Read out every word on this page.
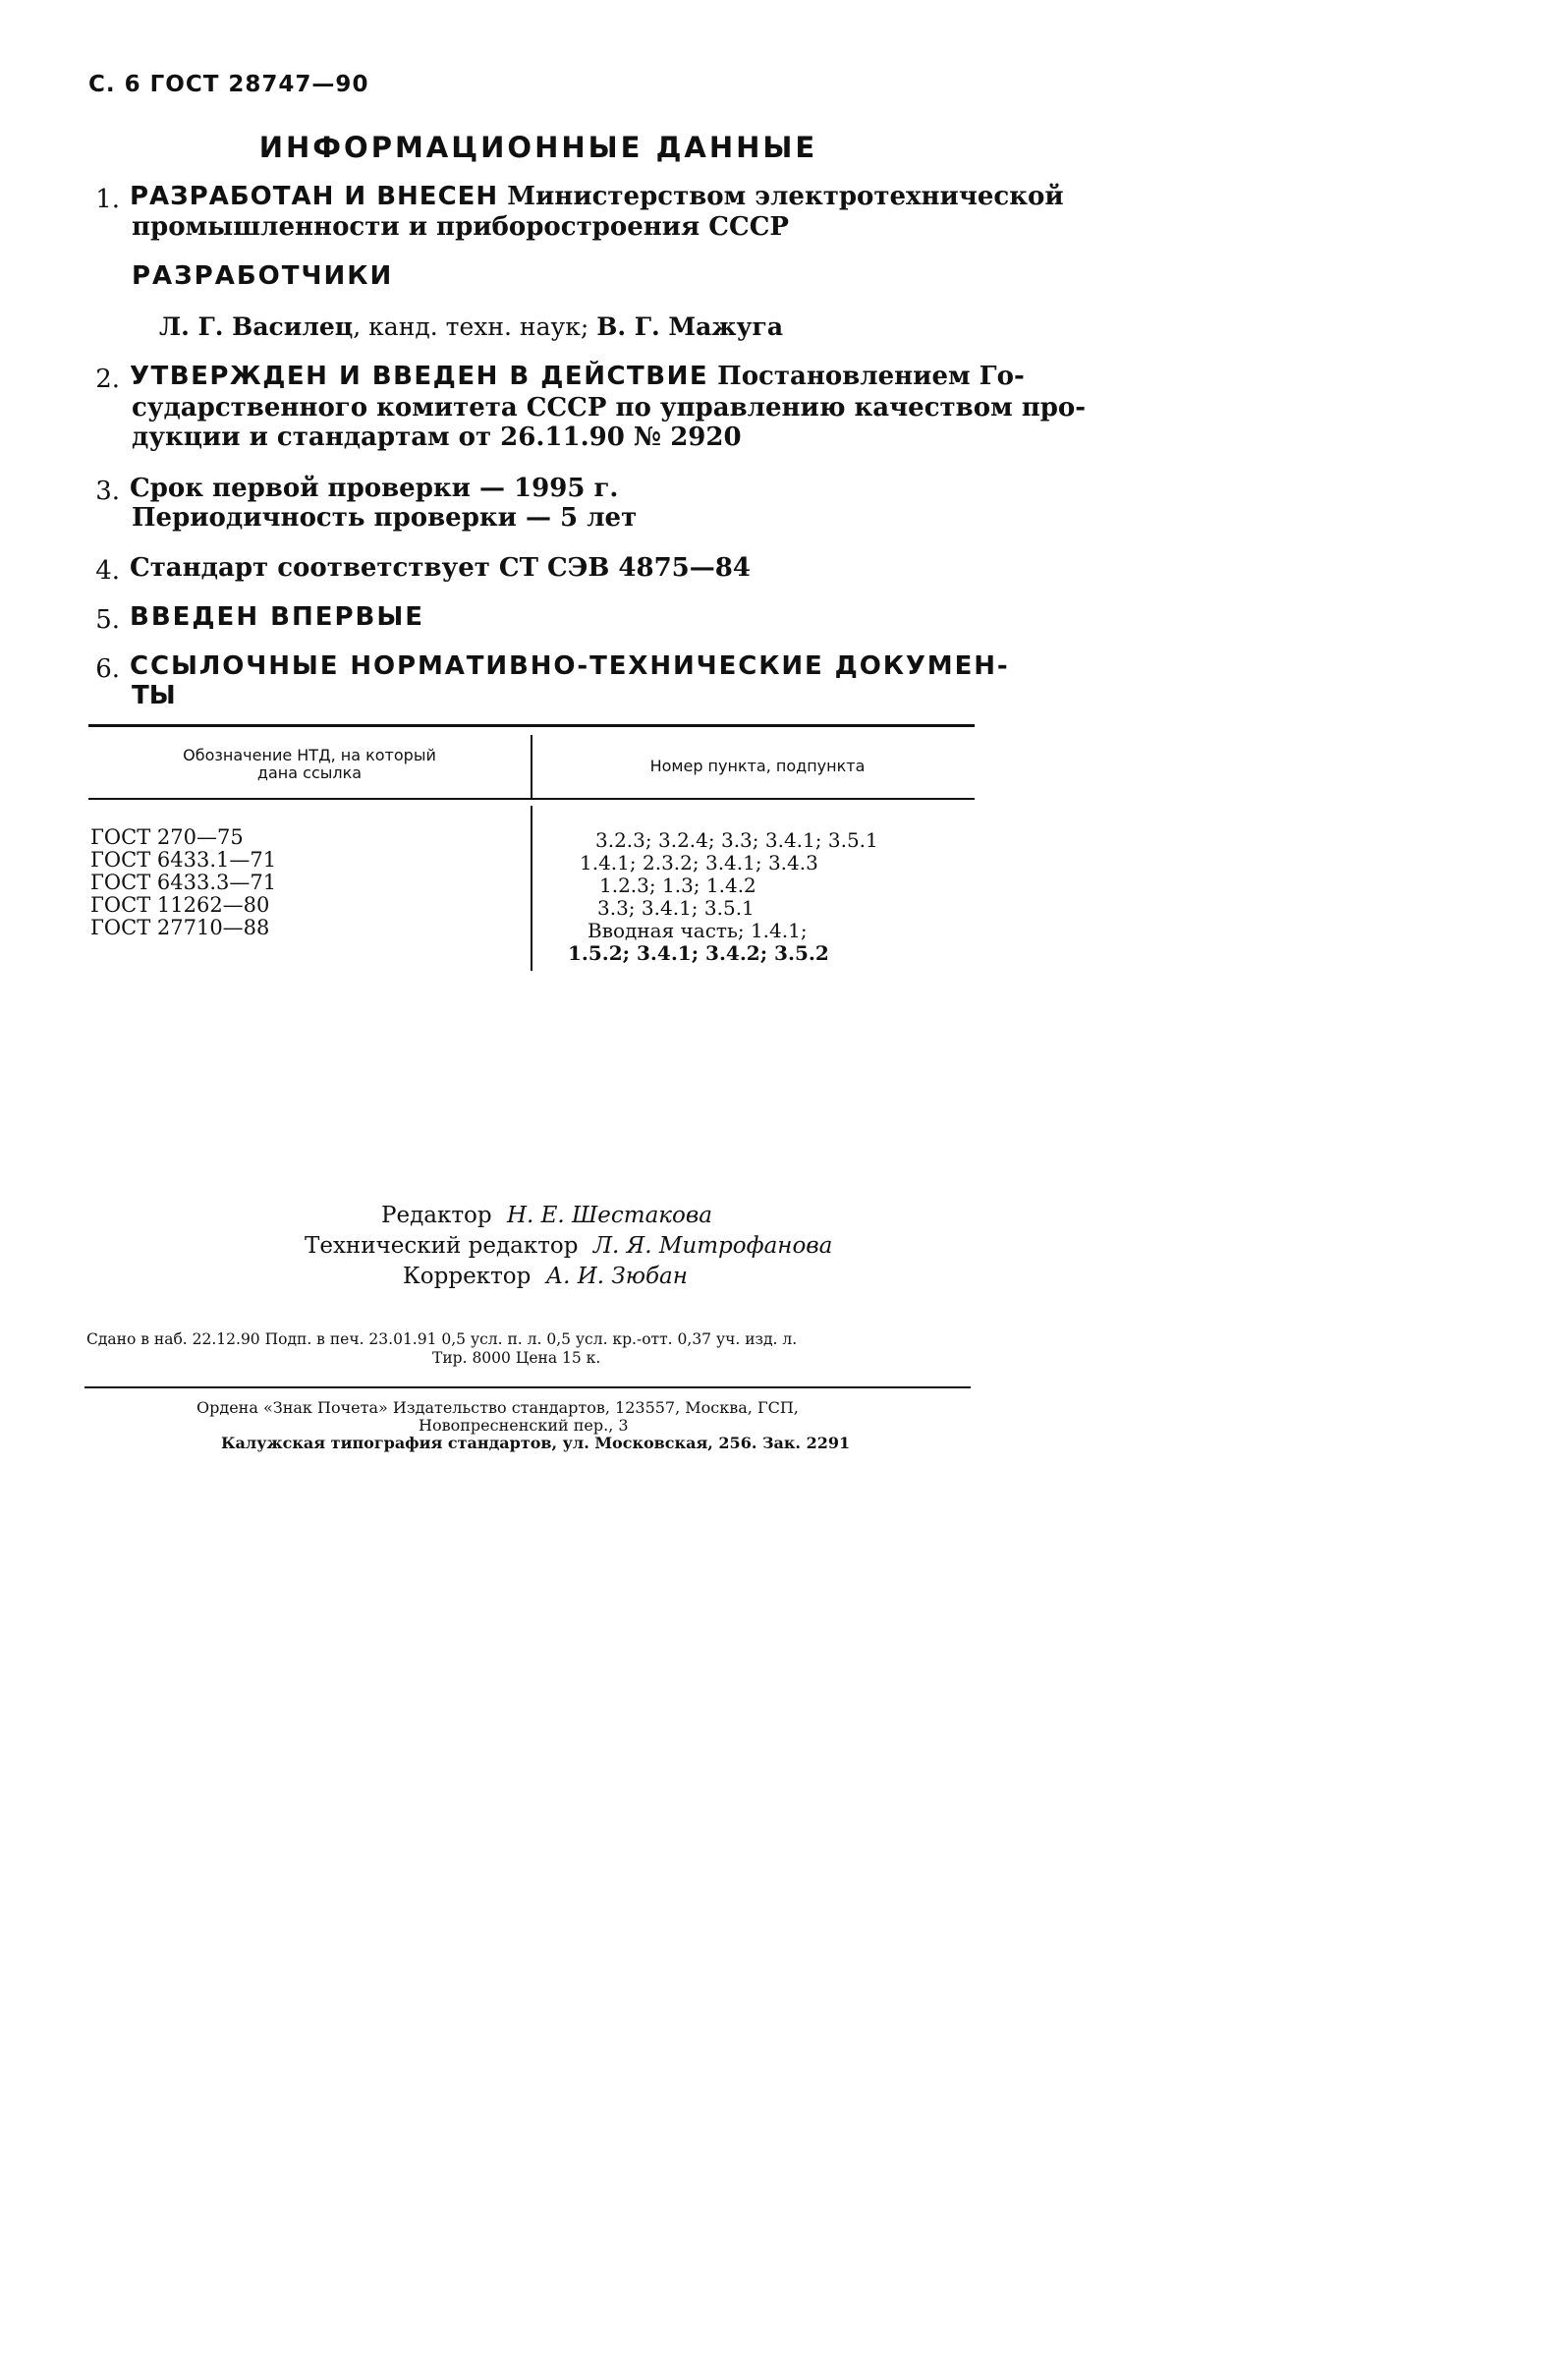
С. 6 ГОСТ 28747—90
ИНФОРМАЦИОННЫЕ ДАННЫЕ
1. РАЗРАБОТАН И ВНЕСЕН Министерством электротехнической
промышленности и приборостроения СССР
РАЗРАБОТЧИКИ
Л. Г. Василец, канд. техн. наук; В. Г. Мажуга
2. УТВЕРЖДЕН И ВВЕДЕН В ДЕЙСТВИЕ Постановлением Го-
сударственного комитета СССР по управлению качеством про-
дукции и стандартам от 26.11.90 № 2920
3. Срок первой проверки — 1995 г.
Периодичность проверки — 5 лет
4. Стандарт соответствует СТ СЭВ 4875—84
5. ВВЕДЕН ВПЕРВЫЕ
6. ССЫЛОЧНЫЕ НОРМАТИВНО-ТЕХНИЧЕСКИЕ ДОКУМЕН-
ТЫ
Обозначение НТД, на который
дана ссылка	Номер пункта, подпункта
ГОСТ 270—75	3.2.3; 3.2.4; 3.3; 3.4.1; 3.5.1
ГОСТ 6433.1—71	1.4.1; 2.3.2; 3.4.1; 3.4.3
ГОСТ 6433.3—71	1.2.3; 1.3; 1.4.2
ГОСТ 11262—80	3.3; 3.4.1; 3.5.1
ГОСТ 27710—88	Вводная часть; 1.4.1;
1.5.2; 3.4.1; 3.4.2; 3.5.2
Редактор Н. Е. Шестакова
Технический редактор Л. Я. Митрофанова
Корректор А. И. Зюбан
Сдано в наб. 22.12.90 Подп. в печ. 23.01.91 0,5 усл. п. л. 0,5 усл. кр.-отт. 0,37 уч. изд. л.
Тир. 8000 Цена 15 к.
Ордена «Знак Почета» Издательство стандартов, 123557, Москва, ГСП,
Новопресненский пер., 3
Калужская типография стандартов, ул. Московская, 256. Зак. 2291
